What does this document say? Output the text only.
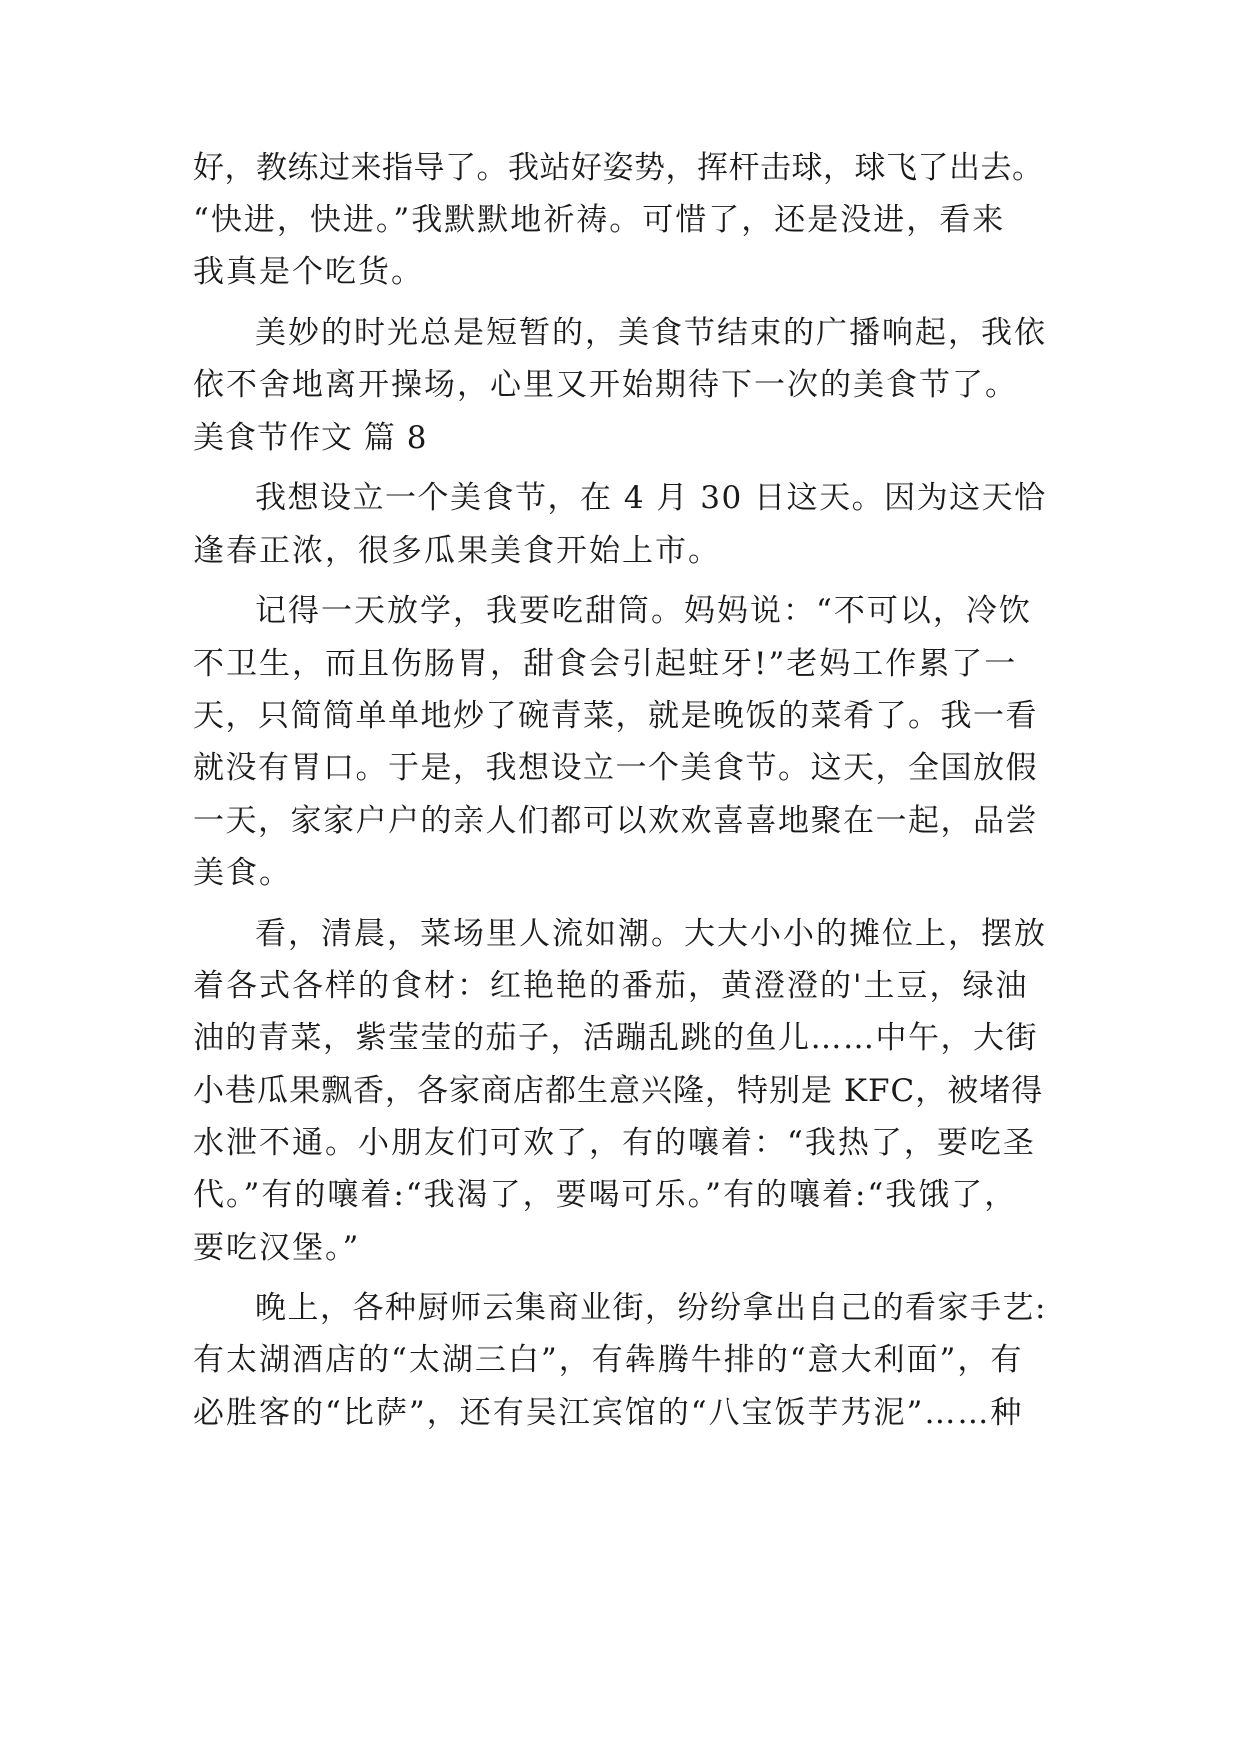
好，教练过来指导了。我站好姿势，挥杆击球，球飞了出去。
“快进，快进。”我默默地祈祷。可惜了，还是没进，看来
我真是个吃货。
美妙的时光总是短暂的，美食节结束的广播响起，我依
依不舍地离开操场，心里又开始期待下一次的美食节了。
美食节作文 篇 8
我想设立一个美食节，在 4 月 30 日这天。因为这天恰
逢春正浓，很多瓜果美食开始上市。
记得一天放学，我要吃甜筒。妈妈说：“不可以，冷饮
不卫生，而且伤肠胃，甜食会引起蛀牙!”老妈工作累了一
天，只简简单单地炒了碗青菜，就是晚饭的菜肴了。我一看
就没有胃口。于是，我想设立一个美食节。这天，全国放假
一天，家家户户的亲人们都可以欢欢喜喜地聚在一起，品尝
美食。
看，清晨，菜场里人流如潮。大大小小的摊位上，摆放
着各式各样的食材：红艳艳的番茄，黄澄澄的'土豆，绿油
油的青菜，紫莹莹的茄子，活蹦乱跳的鱼儿……中午，大街
小巷瓜果飘香，各家商店都生意兴隆，特别是 KFC，被堵得
水泄不通。小朋友们可欢了，有的嚷着：“我热了，要吃圣
代。”有的嚷着:“我渴了，要喝可乐。”有的嚷着:“我饿了，
要吃汉堡。”
晚上，各种厨师云集商业街，纷纷拿出自己的看家手艺:
有太湖酒店的“太湖三白”，有犇腾牛排的“意大利面”，有
必胜客的“比萨”，还有吴江宾馆的“八宝饭芋艿泥”……种
